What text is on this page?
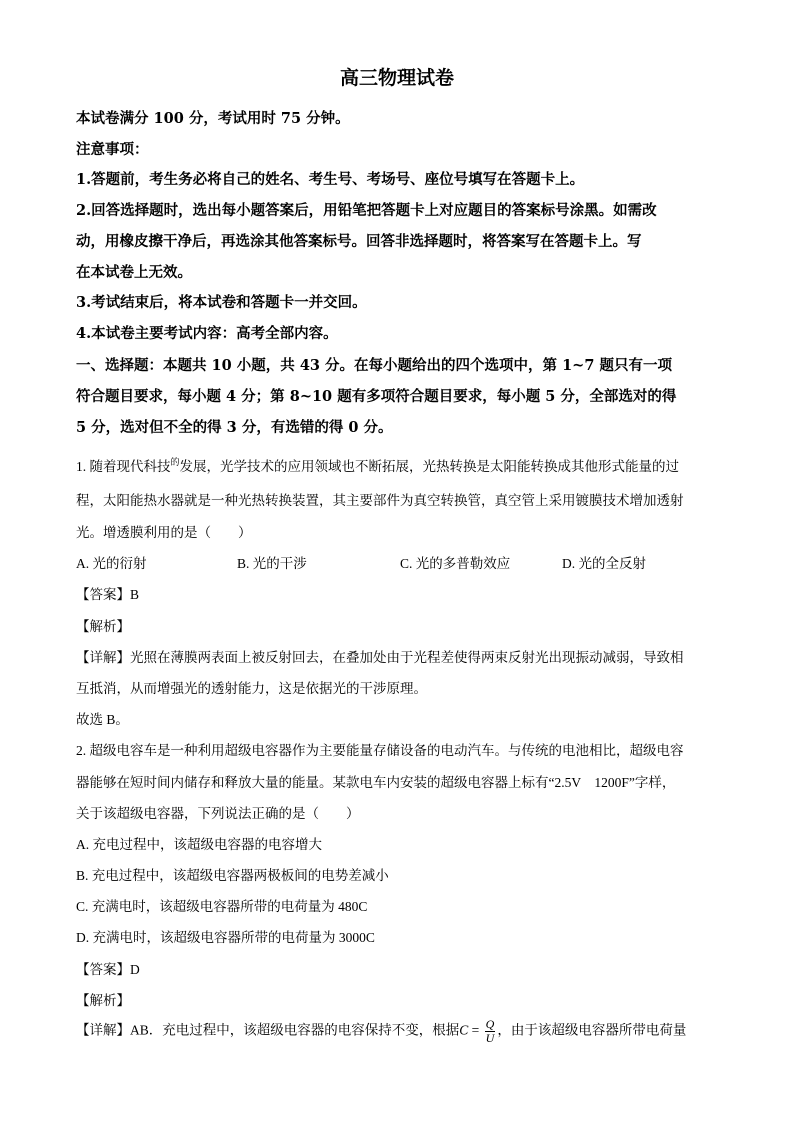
高三物理试卷
本试卷满分 100 分，考试用时 75 分钟。
注意事项：
1.答题前，考生务必将自己的姓名、考生号、考场号、座位号填写在答题卡上。
2.回答选择题时，选出每小题答案后，用铅笔把答题卡上对应题目的答案标号涂黑。如需改
动，用橡皮擦干净后，再选涂其他答案标号。回答非选择题时，将答案写在答题卡上。写
在本试卷上无效。
3.考试结束后，将本试卷和答题卡一并交回。
4.本试卷主要考试内容：高考全部内容。
一、选择题：本题共 10 小题，共 43 分。在每小题给出的四个选项中，第 1~7 题只有一项
符合题目要求，每小题 4 分；第 8~10 题有多项符合题目要求，每小题 5 分，全部选对的得
5 分，选对但不全的得 3 分，有选错的得 0 分。
1. 随着现代科技$^的$发展，光学技术的应用领域也不断拓展，光热转换是太阳能转换成其他形式能量的过
程，太阳能热水器就是一种光热转换装置，其主要部件为真空转换管，真空管上采用镀膜技术增加透射
光。增透膜利用的是（　　）
A. 光的衍射	B. 光的干涉	C. 光的多普勒效应	D. 光的全反射
【答案】B
【解析】
【详解】光照在薄膜两表面上被反射回去，在叠加处由于光程差使得两束反射光出现振动减弱，导致相
互抵消，从而增强光的透射能力，这是依据光的干涉原理。
故选 B。
2. 超级电容车是一种利用超级电容器作为主要能量存储设备的电动汽车。与传统的电池相比，超级电容
器能够在短时间内储存和释放大量的能量。某款电车内安装的超级电容器上标有“2.5V　1200F”字样，
关于该超级电容器，下列说法正确的是（　　）
A. 充电过程中，该超级电容器的电容增大
B. 充电过程中，该超级电容器两极板间的电势差减小
C. 充满电时，该超级电容器所带的电荷量为 480C
D. 充满电时，该超级电容器所带的电荷量为 3000C
【答案】D
【解析】
【详解】AB．充电过程中，该超级电容器的电容保持不变，根据$C = \frac{Q}{U}$ ，由于该超级电容器所带电荷量
